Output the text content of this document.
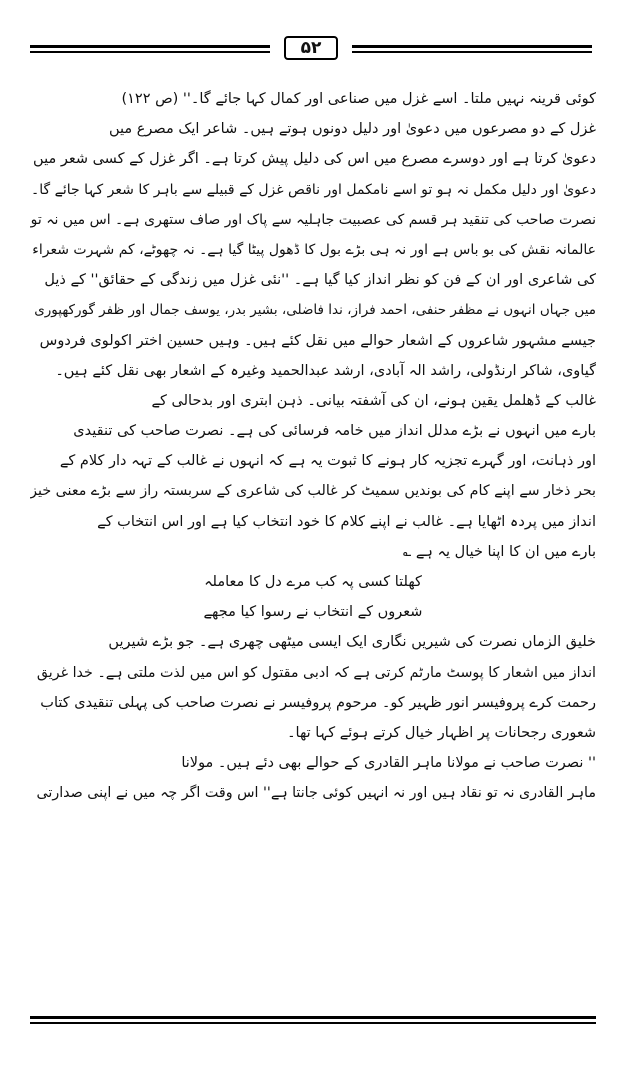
۵۲
کوئی قرینہ نہیں ملتا۔ اسے غزل میں صناعی اور کمال کہا جائے گا۔'' (ص ۱۲۲)
غزل کے دو مصرعوں میں دعویٰ اور دلیل دونوں ہوتے ہیں۔ شاعر ایک مصرع میں
دعویٰ کرتا ہے اور دوسرے مصرع میں اس کی دلیل پیش کرتا ہے۔ اگر غزل کے کسی شعر میں
دعویٰ اور دلیل مکمل نہ ہو تو اسے نامکمل اور ناقص غزل کے قبیلے سے باہر کا شعر کہا جائے گا۔
نصرت صاحب کی تنقید ہر قسم کی عصبیت جاہلیہ سے پاک اور صاف ستھری ہے۔ اس میں نہ تو
عالمانہ نقش کی بو باس ہے اور نہ ہی بڑے بول کا ڈھول پیٹا گیا ہے۔ نہ چھوٹے، کم شہرت شعراء
کی شاعری اور ان کے فن کو نظر انداز کیا گیا ہے۔ ''نئی غزل میں زندگی کے حقائق'' کے ذیل
میں جہاں انہوں نے مظفر حنفی، احمد فراز، ندا فاضلی، بشیر بدر، یوسف جمال اور ظفر گورکھپوری
جیسے مشہور شاعروں کے اشعار حوالے میں نقل کئے ہیں۔ وہیں حسین اختر اکولوی فردوس
گیاوی، شاکر ارنڈولی، راشد الہ آبادی، ارشد عبدالحمید وغیرہ کے اشعار بھی نقل کئے ہیں۔
غالب کے ڈھلمل یقین ہونے، ان کی آشفتہ بیانی۔ ذہن ابتری اور بدحالی کے
بارے میں انہوں نے بڑے مدلل انداز میں خامہ فرسائی کی ہے۔ نصرت صاحب کی تنقیدی
اور ذہانت، اور گہرے تجزیہ کار ہونے کا ثبوت یہ ہے کہ انہوں نے غالب کے تہہ دار کلام کے
بحر ذخار سے اپنے کام کی بوندیں سمیٹ کر غالب کی شاعری کے سربستہ راز سے بڑے معنی خیز
انداز میں پردہ اٹھایا ہے۔ غالب نے اپنے کلام کا خود انتخاب کیا ہے اور اس انتخاب کے
بارے میں ان کا اپنا خیال یہ ہے ؎
کھلتا کسی پہ کب مرے دل کا معاملہ
شعروں کے انتخاب نے رسوا کیا مجھے
خلیق الزماں نصرت کی شیریں نگاری ایک ایسی میٹھی چھری ہے۔ جو بڑے شیریں
انداز میں اشعار کا پوسٹ مارٹم کرتی ہے کہ ادبی مقتول کو اس میں لذت ملتی ہے۔ خدا غریق
رحمت کرے پروفیسر انور ظہیر کو۔ مرحوم پروفیسر نے نصرت صاحب کی پہلی تنقیدی کتاب
شعوری رجحانات پر اظہار خیال کرتے ہوئے کہا تھا۔
'' نصرت صاحب نے مولانا ماہر القادری کے حوالے بھی دئے ہیں۔ مولانا
ماہر القادری نہ تو نقاد ہیں اور نہ انہیں کوئی جانتا ہے'' اس وقت اگر چہ میں نے اپنی صدارتی
